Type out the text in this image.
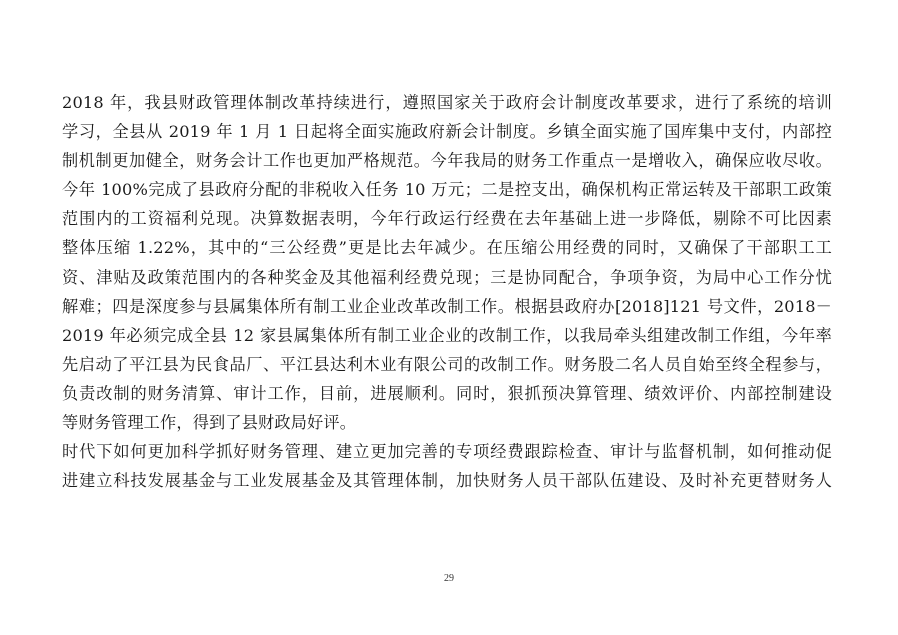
2018 年，我县财政管理体制改革持续进行，遵照国家关于政府会计制度改革要求，进行了系统的培训
学习，全县从 2019 年 1 月 1 日起将全面实施政府新会计制度。乡镇全面实施了国库集中支付，内部控
制机制更加健全，财务会计工作也更加严格规范。今年我局的财务工作重点一是增收入，确保应收尽收。
今年 100%完成了县政府分配的非税收入任务 10 万元；二是控支出，确保机构正常运转及干部职工政策
范围内的工资福利兑现。决算数据表明，今年行政运行经费在去年基础上进一步降低，剔除不可比因素
整体压缩 1.22%，其中的“三公经费”更是比去年减少。在压缩公用经费的同时，又确保了干部职工工
资、津贴及政策范围内的各种奖金及其他福利经费兑现；三是协同配合，争项争资，为局中心工作分忧
解难；四是深度参与县属集体所有制工业企业改革改制工作。根据县政府办[2018]121 号文件，2018－
2019 年必须完成全县 12 家县属集体所有制工业企业的改制工作，以我局牵头组建改制工作组，今年率
先启动了平江县为民食品厂、平江县达利木业有限公司的改制工作。财务股二名人员自始至终全程参与，
负责改制的财务清算、审计工作，目前，进展顺利。同时，狠抓预决算管理、绩效评价、内部控制建设
等财务管理工作，得到了县财政局好评。
时代下如何更加科学抓好财务管理、建立更加完善的专项经费跟踪检查、审计与监督机制，如何推动促
进建立科技发展基金与工业发展基金及其管理体制，加快财务人员干部队伍建设、及时补充更替财务人
29
